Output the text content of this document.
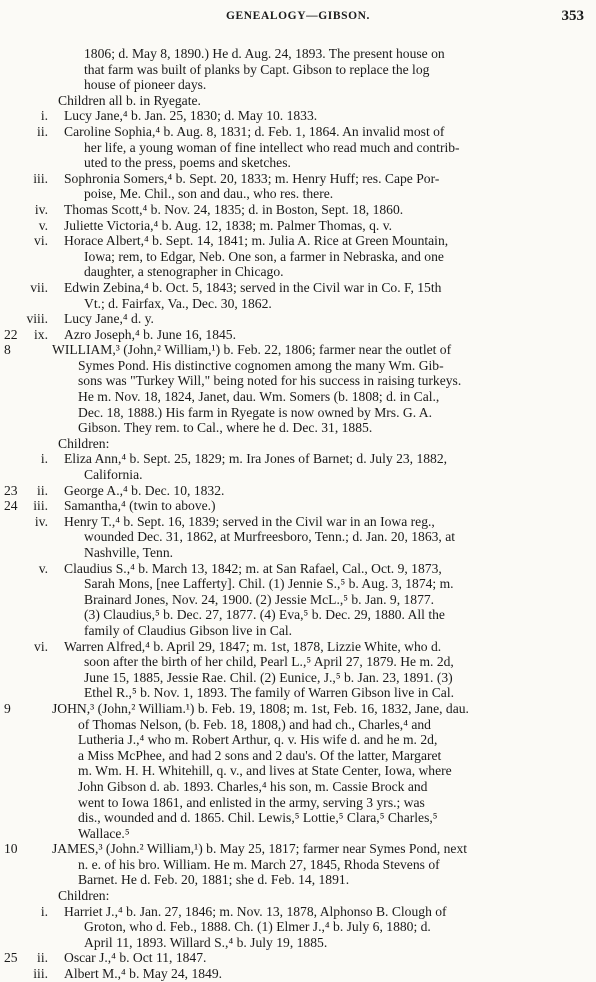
GENEALOGY—GIBSON.	353
1806; d. May 8, 1890.) He d. Aug. 24, 1893. The present house on
that farm was built of planks by Capt. Gibson to replace the log
house of pioneer days.
Children all b. in Ryegate.
i. Lucy Jane,⁴ b. Jan. 25, 1830; d. May 10. 1833.
ii. Caroline Sophia,⁴ b. Aug. 8, 1831; d. Feb. 1, 1864. An invalid most of
her life, a young woman of fine intellect who read much and contrib-
uted to the press, poems and sketches.
iii. Sophronia Somers,⁴ b. Sept. 20, 1833; m. Henry Huff; res. Cape Por-
poise, Me. Chil., son and dau., who res. there.
iv. Thomas Scott,⁴ b. Nov. 24, 1835; d. in Boston, Sept. 18, 1860.
v. Juliette Victoria,⁴ b. Aug. 12, 1838; m. Palmer Thomas, q. v.
vi. Horace Albert,⁴ b. Sept. 14, 1841; m. Julia A. Rice at Green Mountain,
Iowa; rem, to Edgar, Neb. One son, a farmer in Nebraska, and one
daughter, a stenographer in Chicago.
vii. Edwin Zebina,⁴ b. Oct. 5, 1843; served in the Civil war in Co. F, 15th
Vt.; d. Fairfax, Va., Dec. 30, 1862.
viii. Lucy Jane,⁴ d. y.
22	ix. Azro Joseph,⁴ b. June 16, 1845.
8	WILLIAM,³ (John,² William,¹) b. Feb. 22, 1806; farmer near the outlet of
Symes Pond. His distinctive cognomen among the many Wm. Gib-
sons was "Turkey Will," being noted for his success in raising turkeys.
He m. Nov. 18, 1824, Janet, dau. Wm. Somers (b. 1808; d. in Cal.,
Dec. 18, 1888.) His farm in Ryegate is now owned by Mrs. G. A.
Gibson. They rem. to Cal., where he d. Dec. 31, 1885.
Children:
i. Eliza Ann,⁴ b. Sept. 25, 1829; m. Ira Jones of Barnet; d. July 23, 1882,
California.
23	ii. George A.,⁴ b. Dec. 10, 1832.
24	iii. Samantha,⁴ (twin to above.)
iv. Henry T.,⁴ b. Sept. 16, 1839; served in the Civil war in an Iowa reg.,
wounded Dec. 31, 1862, at Murfreesboro, Tenn.; d. Jan. 20, 1863, at
Nashville, Tenn.
v. Claudius S.,⁴ b. March 13, 1842; m. at San Rafael, Cal., Oct. 9, 1873,
Sarah Mons, [nee Lafferty]. Chil. (1) Jennie S.,⁵ b. Aug. 3, 1874; m.
Brainard Jones, Nov. 24, 1900. (2) Jessie McL.,⁵ b. Jan. 9, 1877.
(3) Claudius,⁵ b. Dec. 27, 1877. (4) Eva,⁵ b. Dec. 29, 1880. All the
family of Claudius Gibson live in Cal.
vi. Warren Alfred,⁴ b. April 29, 1847; m. 1st, 1878, Lizzie White, who d.
soon after the birth of her child, Pearl L.,⁵ April 27, 1879. He m. 2d,
June 15, 1885, Jessie Rae. Chil. (2) Eunice, J.,⁵ b. Jan. 23, 1891. (3)
Ethel R.,⁵ b. Nov. 1, 1893. The family of Warren Gibson live in Cal.
9	JOHN,³ (John,² William.¹) b. Feb. 19, 1808; m. 1st, Feb. 16, 1832, Jane, dau.
of Thomas Nelson, (b. Feb. 18, 1808,) and had ch., Charles,⁴ and
Lutheria J.,⁴ who m. Robert Arthur, q. v. His wife d. and he m. 2d,
a Miss McPhee, and had 2 sons and 2 dau's. Of the latter, Margaret
m. Wm. H. H. Whitehill, q. v., and lives at State Center, Iowa, where
John Gibson d. ab. 1893. Charles,⁴ his son, m. Cassie Brock and
went to Iowa 1861, and enlisted in the army, serving 3 yrs.; was
dis., wounded and d. 1865. Chil. Lewis,⁵ Lottie,⁵ Clara,⁵ Charles,⁵
Wallace.⁵
10	JAMES,³ (John.² William,¹) b. May 25, 1817; farmer near Symes Pond, next
n. e. of his bro. William. He m. March 27, 1845, Rhoda Stevens of
Barnet. He d. Feb. 20, 1881; she d. Feb. 14, 1891.
Children:
i. Harriet J.,⁴ b. Jan. 27, 1846; m. Nov. 13, 1878, Alphonso B. Clough of
Groton, who d. Feb., 1888. Ch. (1) Elmer J.,⁴ b. July 6, 1880; d.
April 11, 1893. Willard S.,⁴ b. July 19, 1885.
25	ii. Oscar J.,⁴ b. Oct 11, 1847.
iii. Albert M.,⁴ b. May 24, 1849.
